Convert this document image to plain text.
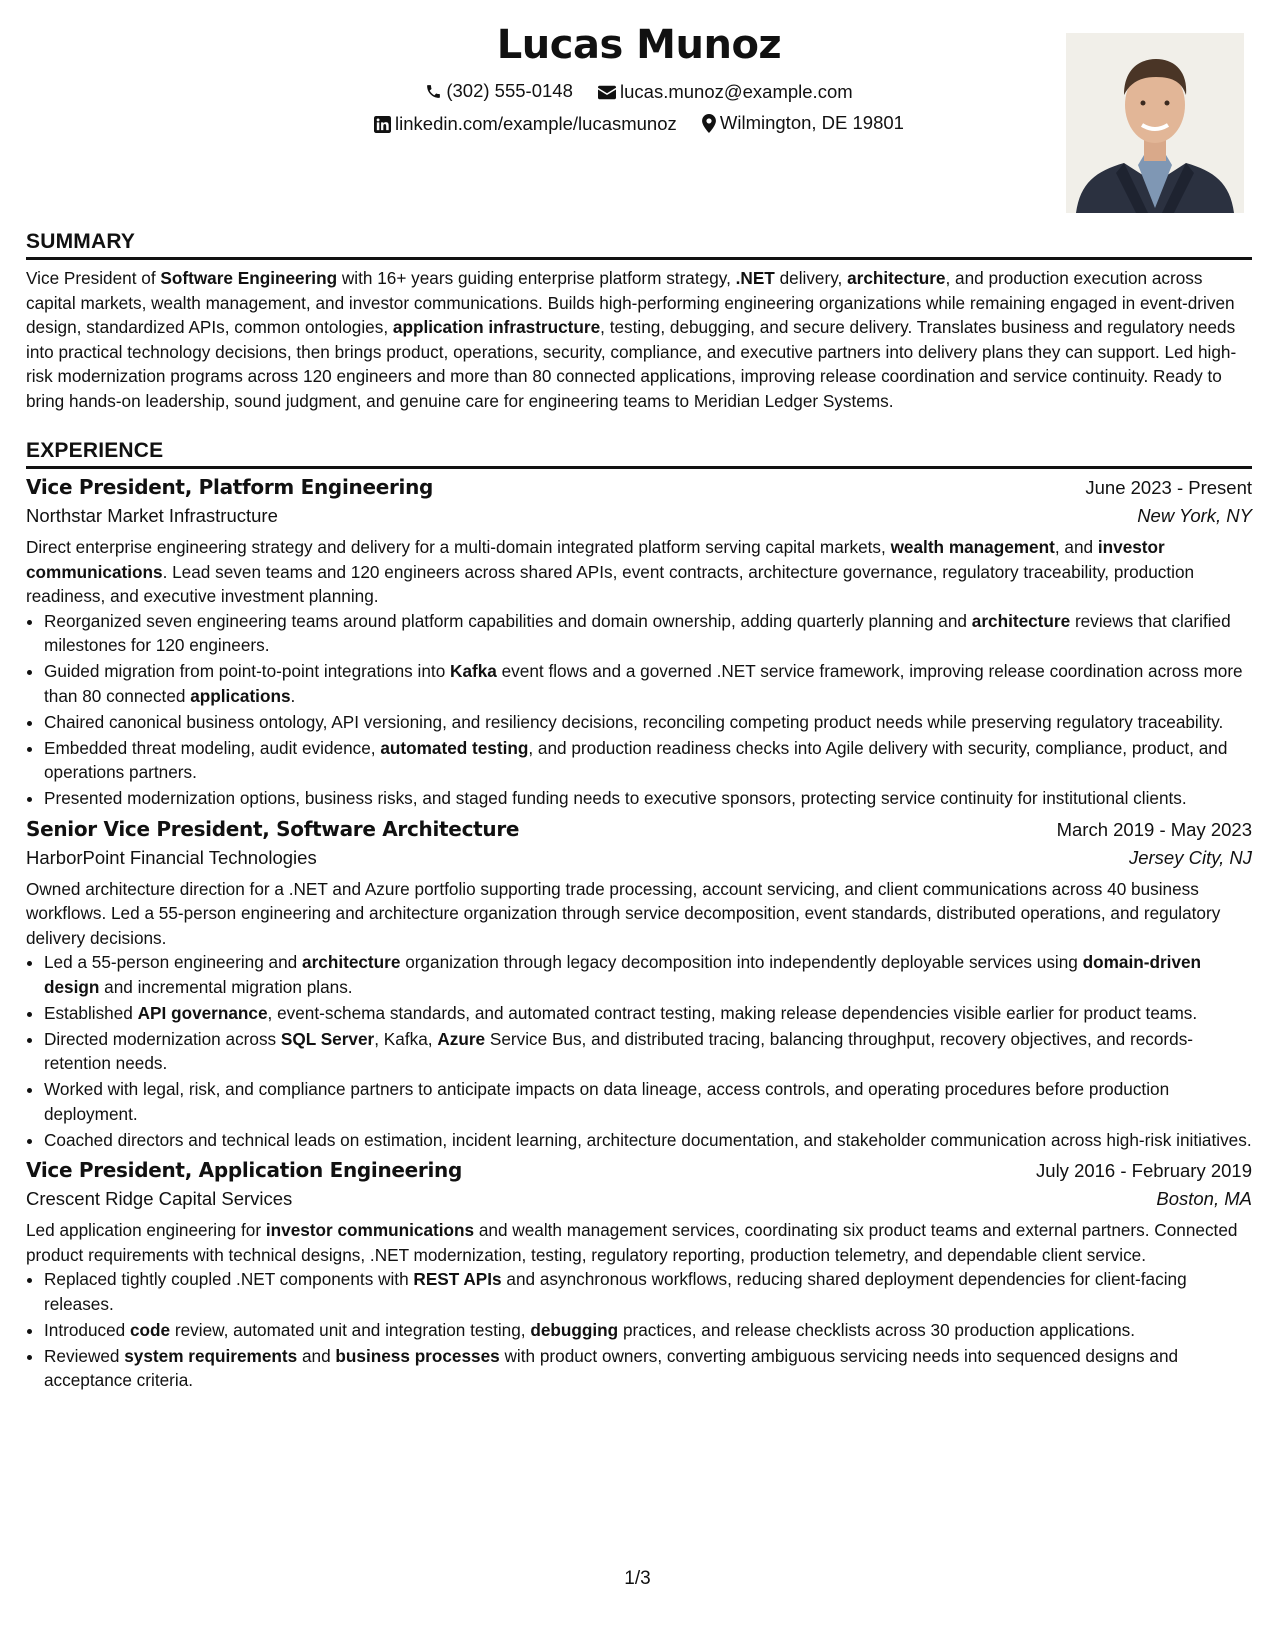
Lucas Munoz
(302) 555-0148
	lucas.munoz@example.com
linkedin.com/example/lucasmunoz
Wilmington, DE 19801
SUMMARY

Vice President of Software Engineering with 16+ years guiding enterprise platform strategy, .NET delivery, architecture, and production execution across capital markets, wealth management, and investor communications. Builds high-performing engineering organizations while remaining engaged in event-driven design, standardized APIs, common ontologies, application infrastructure, testing, debugging, and secure delivery. Translates business and regulatory needs into practical technology decisions, then brings product, operations, security, compliance, and executive partners into delivery plans they can support. Led high-risk modernization programs across 120 engineers and more than 80 connected applications, improving release coordination and service continuity. Ready to bring hands-on leadership, sound judgment, and genuine care for engineering teams to Meridian Ledger Systems.

EXPERIENCE
Vice President, Platform Engineering	June 2023 - Present
Northstar Market Infrastructure	New York, NY
Direct enterprise engineering strategy and delivery for a multi-domain integrated platform serving capital markets, wealth management, and investor communications. Lead seven teams and 120 engineers across shared APIs, event contracts, architecture governance, regulatory traceability, production readiness, and executive investment planning.
• Reorganized seven engineering teams around platform capabilities and domain ownership, adding quarterly planning and architecture reviews that clarified milestones for 120 engineers.
• Guided migration from point-to-point integrations into Kafka event flows and a governed .NET service framework, improving release coordination across more than 80 connected applications.
• Chaired canonical business ontology, API versioning, and resiliency decisions, reconciling competing product needs while preserving regulatory traceability.
• Embedded threat modeling, audit evidence, automated testing, and production readiness checks into Agile delivery with security, compliance, product, and operations partners.
• Presented modernization options, business risks, and staged funding needs to executive sponsors, protecting service continuity for institutional clients.
Senior Vice President, Software Architecture	March 2019 - May 2023
HarborPoint Financial Technologies	Jersey City, NJ
Owned architecture direction for a .NET and Azure portfolio supporting trade processing, account servicing, and client communications across 40 business workflows. Led a 55-person engineering and architecture organization through service decomposition, event standards, distributed operations, and regulatory delivery decisions.
• Led a 55-person engineering and architecture organization through legacy decomposition into independently deployable services using domain-driven design and incremental migration plans.
• Established API governance, event-schema standards, and automated contract testing, making release dependencies visible earlier for product teams.
• Directed modernization across SQL Server, Kafka, Azure Service Bus, and distributed tracing, balancing throughput, recovery objectives, and records-retention needs.
• Worked with legal, risk, and compliance partners to anticipate impacts on data lineage, access controls, and operating procedures before production deployment.
• Coached directors and technical leads on estimation, incident learning, architecture documentation, and stakeholder communication across high-risk initiatives.
Vice President, Application Engineering	July 2016 - February 2019
Crescent Ridge Capital Services	Boston, MA
Led application engineering for investor communications and wealth management services, coordinating six product teams and external partners. Connected product requirements with technical designs, .NET modernization, testing, regulatory reporting, production telemetry, and dependable client service.
• Replaced tightly coupled .NET components with REST APIs and asynchronous workflows, reducing shared deployment dependencies for client-facing releases.
• Introduced code review, automated unit and integration testing, debugging practices, and release checklists across 30 production applications.
• Reviewed system requirements and business processes with product owners, converting ambiguous servicing needs into sequenced designs and acceptance criteria.
1/3
